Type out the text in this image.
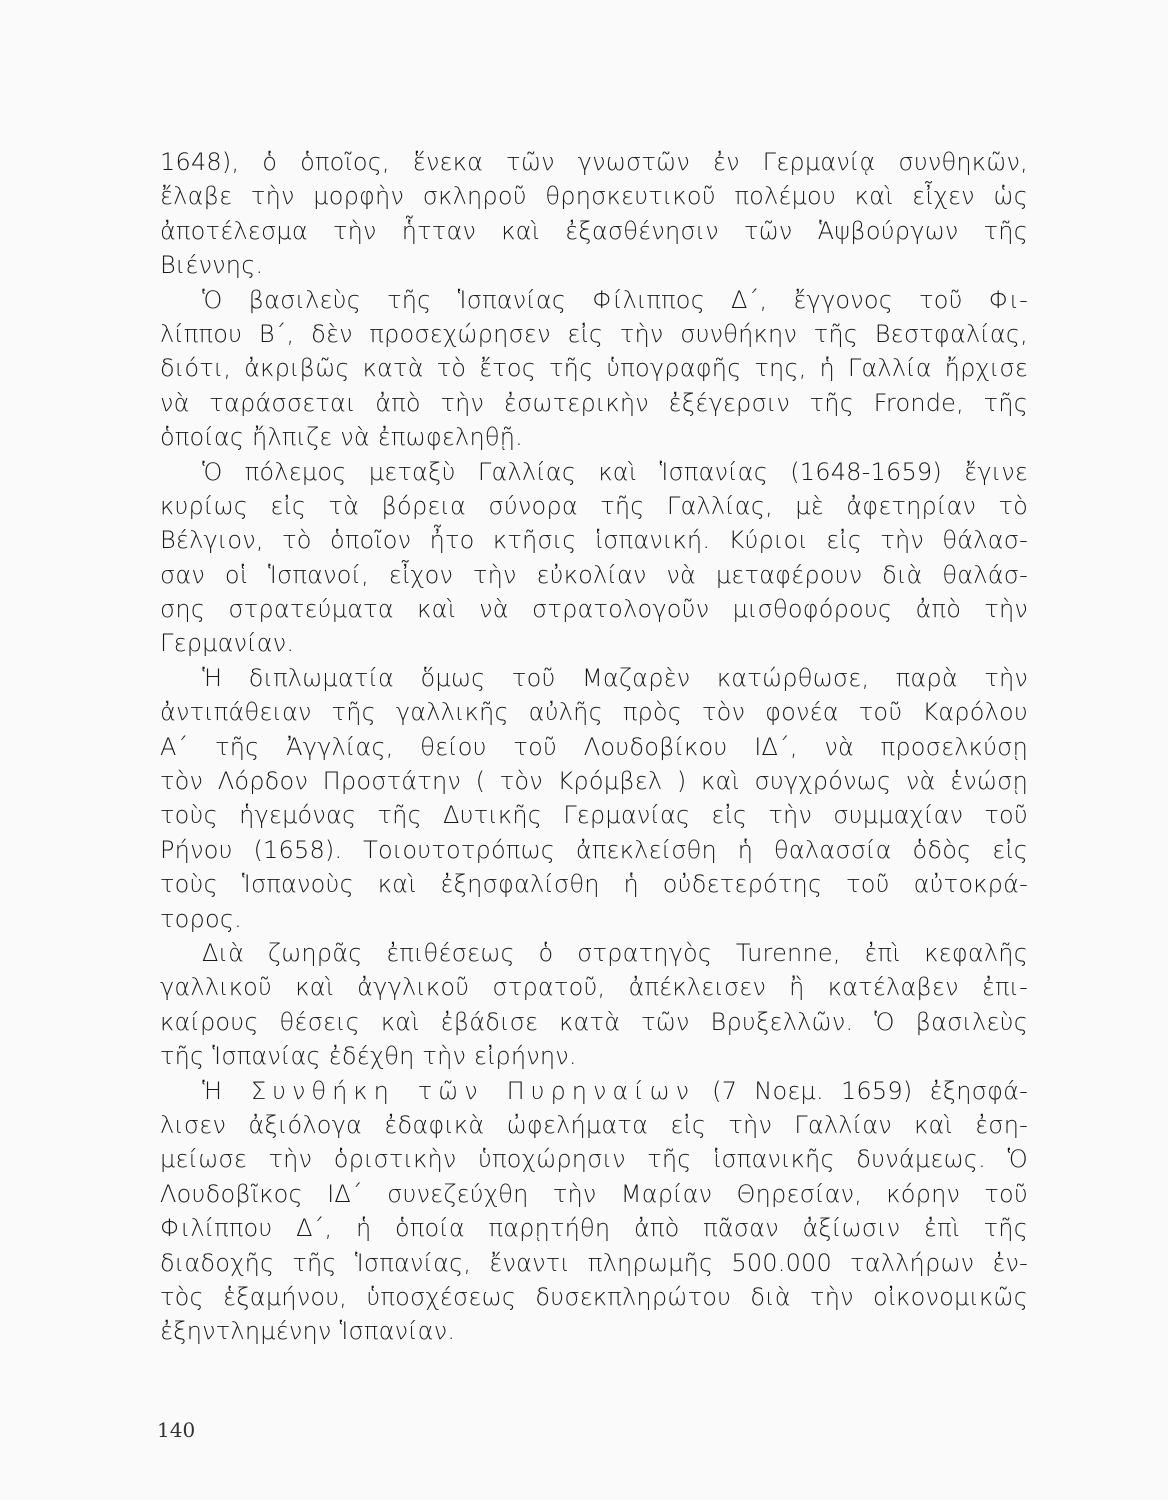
1648), ὁ ὁποῖος, ἕνεκα τῶν γνωστῶν ἐν Γερμανίᾳ συνθηκῶν,
ἔλαβε τὴν μορφὴν σκληροῦ θρησκευτικοῦ πολέμου καὶ εἶχεν ὡς
ἀποτέλεσμα τὴν ἧτταν καὶ ἐξασθένησιν τῶν Ἁψβούργων τῆς
Βιέννης.
Ὁ βασιλεὺς τῆς Ἱσπανίας Φίλιππος Δ΄, ἔγγονος τοῦ Φι-
λίππου Β΄, δὲν προσεχώρησεν εἰς τὴν συνθήκην τῆς Βεστφαλίας,
διότι, ἀκριβῶς κατὰ τὸ ἔτος τῆς ὑπογραφῆς της, ἡ Γαλλία ἤρχισε
νὰ ταράσσεται ἀπὸ τὴν ἐσωτερικὴν ἐξέγερσιν τῆς Fronde, τῆς
ὁποίας ἤλπιζε νὰ ἐπωφεληθῇ.
Ὁ πόλεμος μεταξὺ Γαλλίας καὶ Ἱσπανίας (1648-1659) ἔγινε
κυρίως εἰς τὰ βόρεια σύνορα τῆς Γαλλίας, μὲ ἀφετηρίαν τὸ
Βέλγιον, τὸ ὁποῖον ἦτο κτῆσις ἱσπανική. Κύριοι εἰς τὴν θάλασ-
σαν οἱ Ἱσπανοί, εἶχον τὴν εὐκολίαν νὰ μεταφέρουν διὰ θαλάσ-
σης στρατεύματα καὶ νὰ στρατολογοῦν μισθοφόρους ἀπὸ τὴν
Γερμανίαν.
Ἡ διπλωματία ὅμως τοῦ Μαζαρὲν κατώρθωσε, παρὰ τὴν
ἀντιπάθειαν τῆς γαλλικῆς αὐλῆς πρὸς τὸν φονέα τοῦ Καρόλου
Α΄ τῆς Ἀγγλίας, θείου τοῦ Λουδοβίκου ΙΔ΄, νὰ προσελκύσῃ
τὸν Λόρδον Προστάτην ( τὸν Κρόμβελ ) καὶ συγχρόνως νὰ ἑνώσῃ
τοὺς ἡγεμόνας τῆς Δυτικῆς Γερμανίας εἰς τὴν συμμαχίαν τοῦ
Ρήνου (1658). Τοιουτοτρόπως ἀπεκλείσθη ἡ θαλασσία ὁδὸς εἰς
τοὺς Ἱσπανοὺς καὶ ἐξησφαλίσθη ἡ οὐδετερότης τοῦ αὐτοκρά-
τορος.
Διὰ ζωηρᾶς ἐπιθέσεως ὁ στρατηγὸς Turenne, ἐπὶ κεφαλῆς
γαλλικοῦ καὶ ἀγγλικοῦ στρατοῦ, ἀπέκλεισεν ἢ κατέλαβεν ἐπι-
καίρους θέσεις καὶ ἐβάδισε κατὰ τῶν Βρυξελλῶν. Ὁ βασιλεὺς
τῆς Ἱσπανίας ἐδέχθη τὴν εἰρήνην.
Ἡ Συνθήκη τῶν Πυρηναίων (7 Νοεμ. 1659) ἐξησφά-
λισεν ἀξιόλογα ἐδαφικὰ ὠφελήματα εἰς τὴν Γαλλίαν καὶ ἐση-
μείωσε τὴν ὁριστικὴν ὑποχώρησιν τῆς ἱσπανικῆς δυνάμεως. Ὁ
Λουδοβῖκος ΙΔ΄ συνεζεύχθη τὴν Μαρίαν Θηρεσίαν, κόρην τοῦ
Φιλίππου Δ΄, ἡ ὁποία παρῃτήθη ἀπὸ πᾶσαν ἀξίωσιν ἐπὶ τῆς
διαδοχῆς τῆς Ἱσπανίας, ἔναντι πληρωμῆς 500.000 ταλλήρων ἐν-
τὸς ἑξαμήνου, ὑποσχέσεως δυσεκπληρώτου διὰ τὴν οἰκονομικῶς
ἐξηντλημένην Ἱσπανίαν.
140
